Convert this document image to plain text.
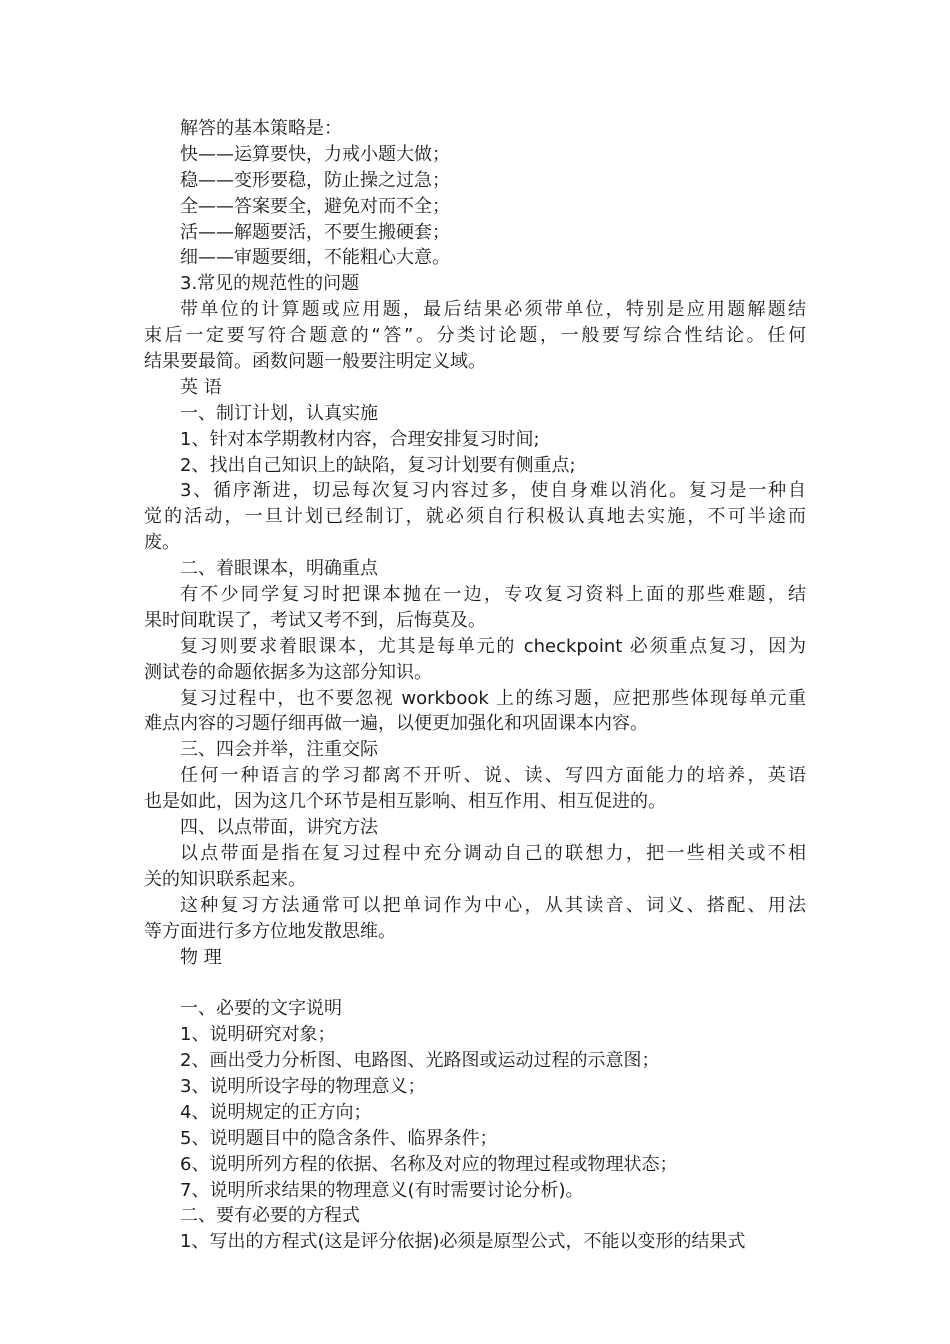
解答的基本策略是：
快——运算要快，力戒小题大做；
稳——变形要稳，防止操之过急；
全——答案要全，避免对而不全；
活——解题要活，不要生搬硬套；
细——审题要细，不能粗心大意。
3.常见的规范性的问题
带单位的计算题或应用题，最后结果必须带单位，特别是应用题解题结
束后一定要写符合题意的“答”。分类讨论题，一般要写综合性结论。任何
结果要最简。函数问题一般要注明定义域。
英 语
一、制订计划，认真实施
1、针对本学期教材内容，合理安排复习时间;
2、找出自己知识上的缺陷，复习计划要有侧重点;
3、循序渐进，切忌每次复习内容过多，使自身难以消化。复习是一种自
觉的活动，一旦计划已经制订，就必须自行积极认真地去实施，不可半途而
废。
二、着眼课本，明确重点
有不少同学复习时把课本抛在一边，专攻复习资料上面的那些难题，结
果时间耽误了，考试又考不到，后悔莫及。
复习则要求着眼课本，尤其是每单元的 checkpoint 必须重点复习，因为
测试卷的命题依据多为这部分知识。
复习过程中，也不要忽视 workbook 上的练习题，应把那些体现每单元重
难点内容的习题仔细再做一遍，以便更加强化和巩固课本内容。
三、四会并举，注重交际
任何一种语言的学习都离不开听、说、读、写四方面能力的培养，英语
也是如此，因为这几个环节是相互影响、相互作用、相互促进的。
四、以点带面，讲究方法
以点带面是指在复习过程中充分调动自己的联想力，把一些相关或不相
关的知识联系起来。
这种复习方法通常可以把单词作为中心，从其读音、词义、搭配、用法
等方面进行多方位地发散思维。
物 理
一、必要的文字说明
1、说明研究对象；
2、画出受力分析图、电路图、光路图或运动过程的示意图；
3、说明所设字母的物理意义；
4、说明规定的正方向；
5、说明题目中的隐含条件、临界条件；
6、说明所列方程的依据、名称及对应的物理过程或物理状态；
7、说明所求结果的物理意义(有时需要讨论分析)。
二、要有必要的方程式
1、写出的方程式(这是评分依据)必须是原型公式，不能以变形的结果式
